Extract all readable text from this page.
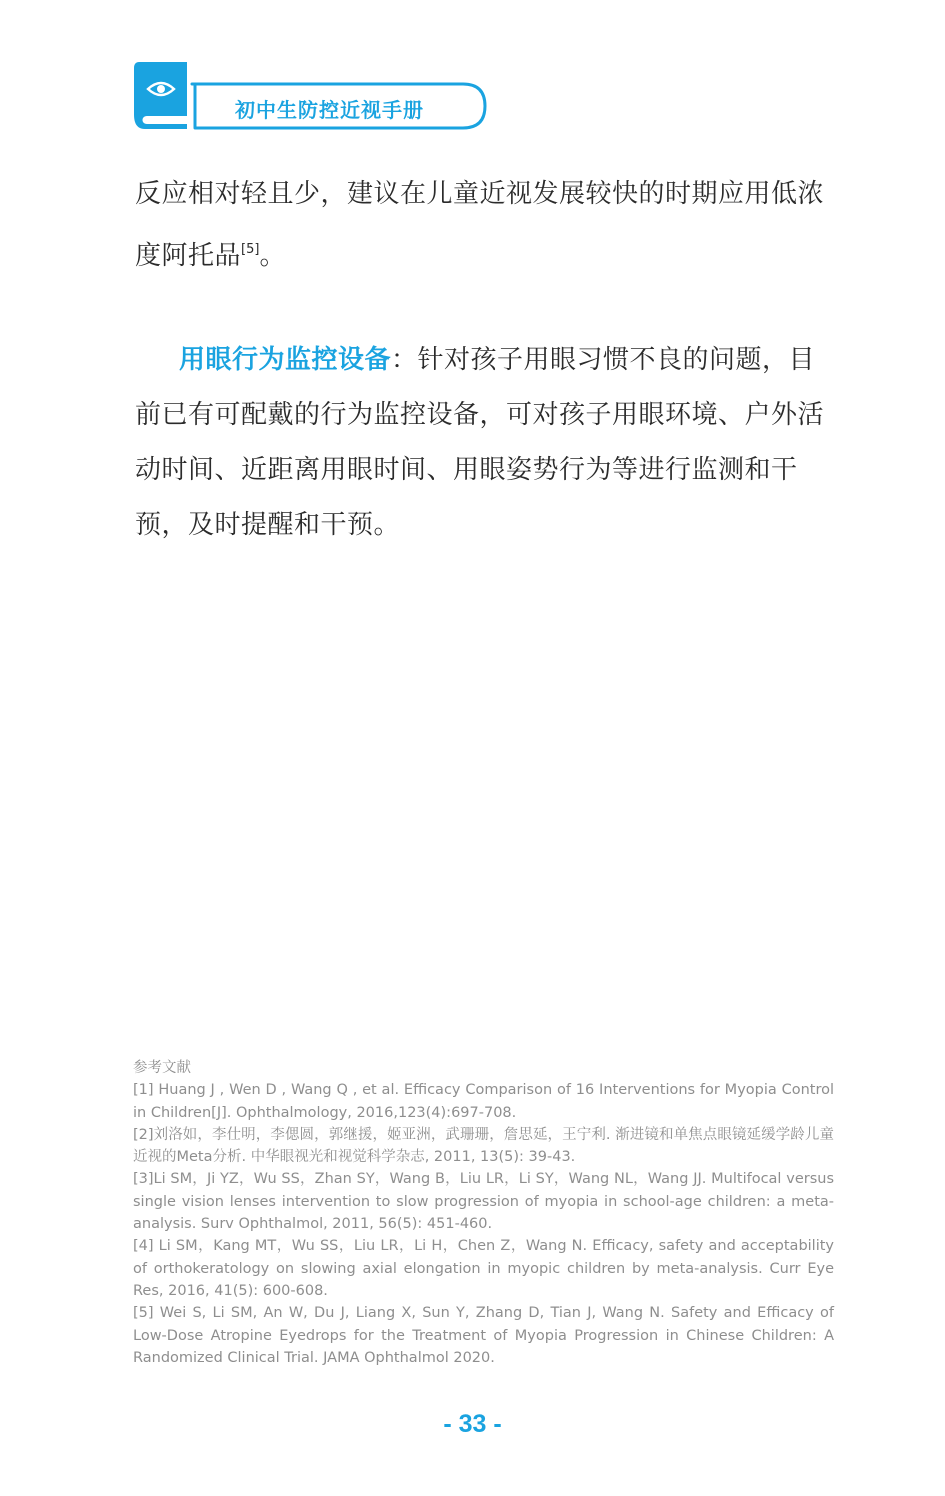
初中生防控近视手册

反应相对轻且少，建议在儿童近视发展较快的时期应用低浓度阿托品[5]。

用眼行为监控设备：针对孩子用眼习惯不良的问题，目前已有可配戴的行为监控设备，可对孩子用眼环境、户外活动时间、近距离用眼时间、用眼姿势行为等进行监测和干预，及时提醒和干预。

参考文献

[1] Huang J , Wen D , Wang Q , et al. Efficacy Comparison of 16 Interventions for Myopia Control in Children[J]. Ophthalmology, 2016,123(4):697-708.

[2]刘洛如，李仕明，李偲圆，郭继援，姬亚洲，武珊珊，詹思延，王宁利. 渐进镜和单焦点眼镜延缓学龄儿童近视的Meta分析. 中华眼视光和视觉科学杂志, 2011, 13(5): 39-43.

[3]Li SM，Ji YZ，Wu SS，Zhan SY，Wang B，Liu LR，Li SY，Wang NL，Wang JJ. Multifocal versus single vision lenses intervention to slow progression of myopia in school-age children: a meta-analysis. Surv Ophthalmol, 2011, 56(5): 451-460.

[4] Li SM，Kang MT，Wu SS，Liu LR，Li H，Chen Z，Wang N. Efficacy, safety and acceptability of orthokeratology on slowing axial elongation in myopic children by meta-analysis. Curr Eye Res, 2016, 41(5): 600-608.

[5] Wei S, Li SM, An W, Du J, Liang X, Sun Y, Zhang D, Tian J, Wang N. Safety and Efficacy of Low-Dose Atropine Eyedrops for the Treatment of Myopia Progression in Chinese Children: A Randomized Clinical Trial. JAMA Ophthalmol 2020.

- 33 -
